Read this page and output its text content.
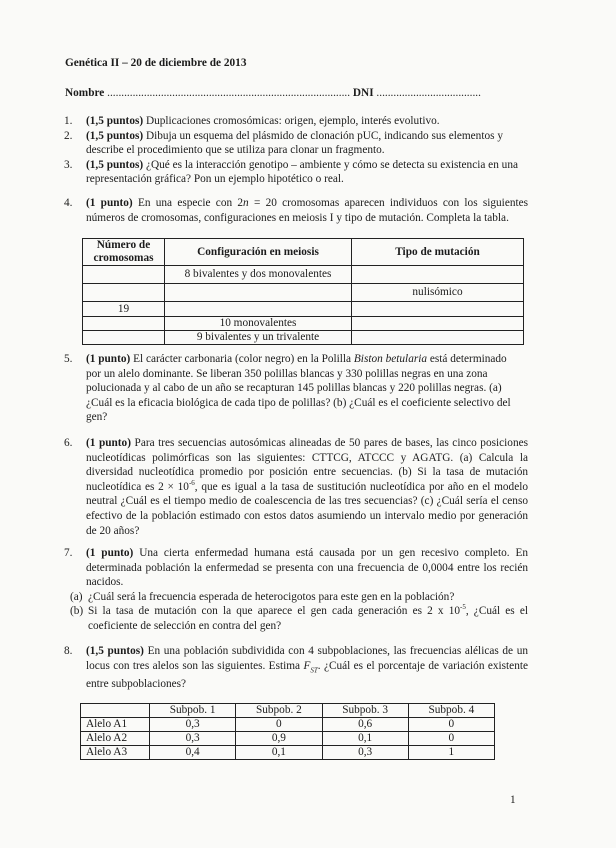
Genética II – 20 de diciembre de 2013
Nombre ...................................................................................... DNI .....................................
1.	(1,5 puntos) Duplicaciones cromosómicas: origen, ejemplo, interés evolutivo.
2.	(1,5 puntos) Dibuja un esquema del plásmido de clonación pUC, indicando sus elementos y describe el procedimiento que se utiliza para clonar un fragmento.
3.	(1,5 puntos) ¿Qué es la interacción genotipo – ambiente y cómo se detecta su existencia en una representación gráfica? Pon un ejemplo hipotético o real.
4.	(1 punto) En una especie con 2n = 20 cromosomas aparecen individuos con los siguientes números de cromosomas, configuraciones en meiosis I y tipo de mutación. Completa la tabla.
Número de cromosomas	Configuración en meiosis	Tipo de mutación
	8 bivalentes y dos monovalentes	
		nulisómico
19		
	10 monovalentes	
	9 bivalentes y un trivalente	
5.	(1 punto) El carácter carbonaria (color negro) en la Polilla Biston betularia está determinado por un alelo dominante. Se liberan 350 polillas blancas y 330 polillas negras en una zona polucionada y al cabo de un año se recapturan 145 polillas blancas y 220 polillas negras. (a) ¿Cuál es la eficacia biológica de cada tipo de polillas? (b) ¿Cuál es el coeficiente selectivo del gen?
6.	(1 punto) Para tres secuencias autosómicas alineadas de 50 pares de bases, las cinco posiciones nucleotídicas polimórficas son las siguientes: CTTCG, ATCCC y AGATG. (a) Calcula la diversidad nucleotídica promedio por posición entre secuencias. (b) Si la tasa de mutación nucleotídica es $2 \times 10^{-6}$, que es igual a la tasa de sustitución nucleotídica por año en el modelo neutral ¿Cuál es el tiempo medio de coalescencia de las tres secuencias? (c) ¿Cuál sería el censo efectivo de la población estimado con estos datos asumiendo un intervalo medio por generación de 20 años?
7.	(1 punto) Una cierta enfermedad humana está causada por un gen recesivo completo. En determinada población la enfermedad se presenta con una frecuencia de 0,0004 entre los recién nacidos.

(a) ¿Cuál será la frecuencia esperada de heterocigotos para este gen en la población?
(b) Si la tasa de mutación con la que aparece el gen cada generación es 2 x $10^{-5}$, ¿Cuál es el coeficiente de selección en contra del gen?
8.	(1,5 puntos) En una población subdividida con 4 subpoblaciones, las frecuencias alélicas de un locus con tres alelos son las siguientes. Estima $F_{ST}$. ¿Cuál es el porcentaje de variación existente entre subpoblaciones?
	Subpob. 1	Subpob. 2	Subpob. 3	Subpob. 4
Alelo A1	0,3	0	0,6	0
Alelo A2	0,3	0,9	0,1	0
Alelo A3	0,4	0,1	0,3	1
1
